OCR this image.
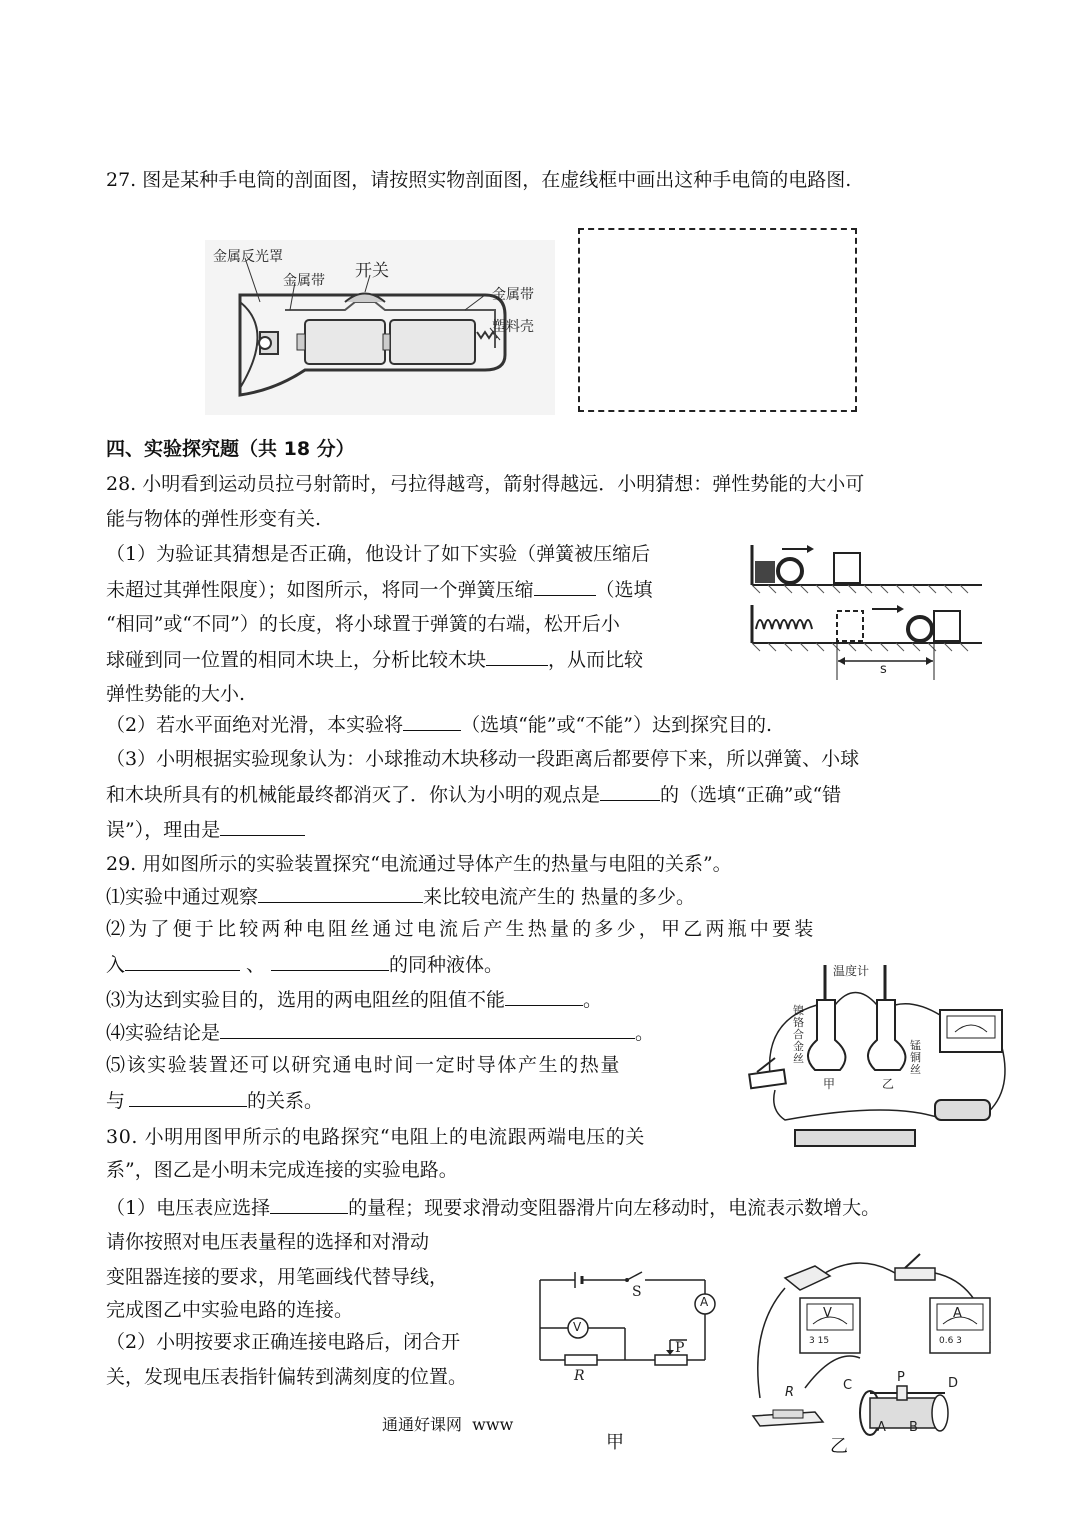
27. 图是某种手电筒的剖面图，请按照实物剖面图，在虚线框中画出这种手电筒的电路图.
金属反光罩
金属带 开关
金属带
塑料壳
四、实验探究题（共 18 分）
28. 小明看到运动员拉弓射箭时，弓拉得越弯，箭射得越远．小明猜想：弹性势能的大小可
能与物体的弹性形变有关.
（1）为验证其猜想是否正确，他设计了如下实验（弹簧被压缩后
未超过其弹性限度）；如图所示，将同一个弹簧压缩	（选填
“相同”或“不同”）的长度，将小球置于弹簧的右端，松开后小
球碰到同一位置的相同木块上，分析比较木块	，从而比较
弹性势能的大小.
s
（2）若水平面绝对光滑，本实验将	（选填“能”或“不能”）达到探究目的.
（3）小明根据实验现象认为：小球推动木块移动一段距离后都要停下来，所以弹簧、小球
和木块所具有的机械能最终都消灭了．你认为小明的观点是	的（选填“正确”或“错
误”），理由是
29. 用如图所示的实验装置探究“电流通过导体产生的热量与电阻的关系”。
⑴实验中通过观察	来比较电流产生的 热量的多少。
⑵为了便于比较两种电阻丝通过电流后产生热量的多少，甲乙两瓶中要装
入	、	的同种液体。
⑶为达到实验目的，选用的两电阻丝的阻值不能	。
⑷实验结论是	。
⑸该实验装置还可以研究通电时间一定时导体产生的热量
与	的关系。
温度计
镍铬合金丝
锰铜丝
甲	乙
30. 小明用图甲所示的电路探究“电阻上的电流跟两端电压的关
系”，图乙是小明未完成连接的实验电路。
（1）电压表应选择	的量程；现要求滑动变阻器滑片向左移动时，电流表示数增大。
请你按照对电压表量程的选择和对滑动
变阻器连接的要求，用笔画线代替导线，
完成图乙中实验电路的连接。
（2）小明按要求正确连接电路后，闭合开
关，发现电压表指针偏转到满刻度的位置。
S
A
V
P
R
V	A
3 15	0.6 3
R
P
C	D
A B
甲	乙
通通好课网  www
